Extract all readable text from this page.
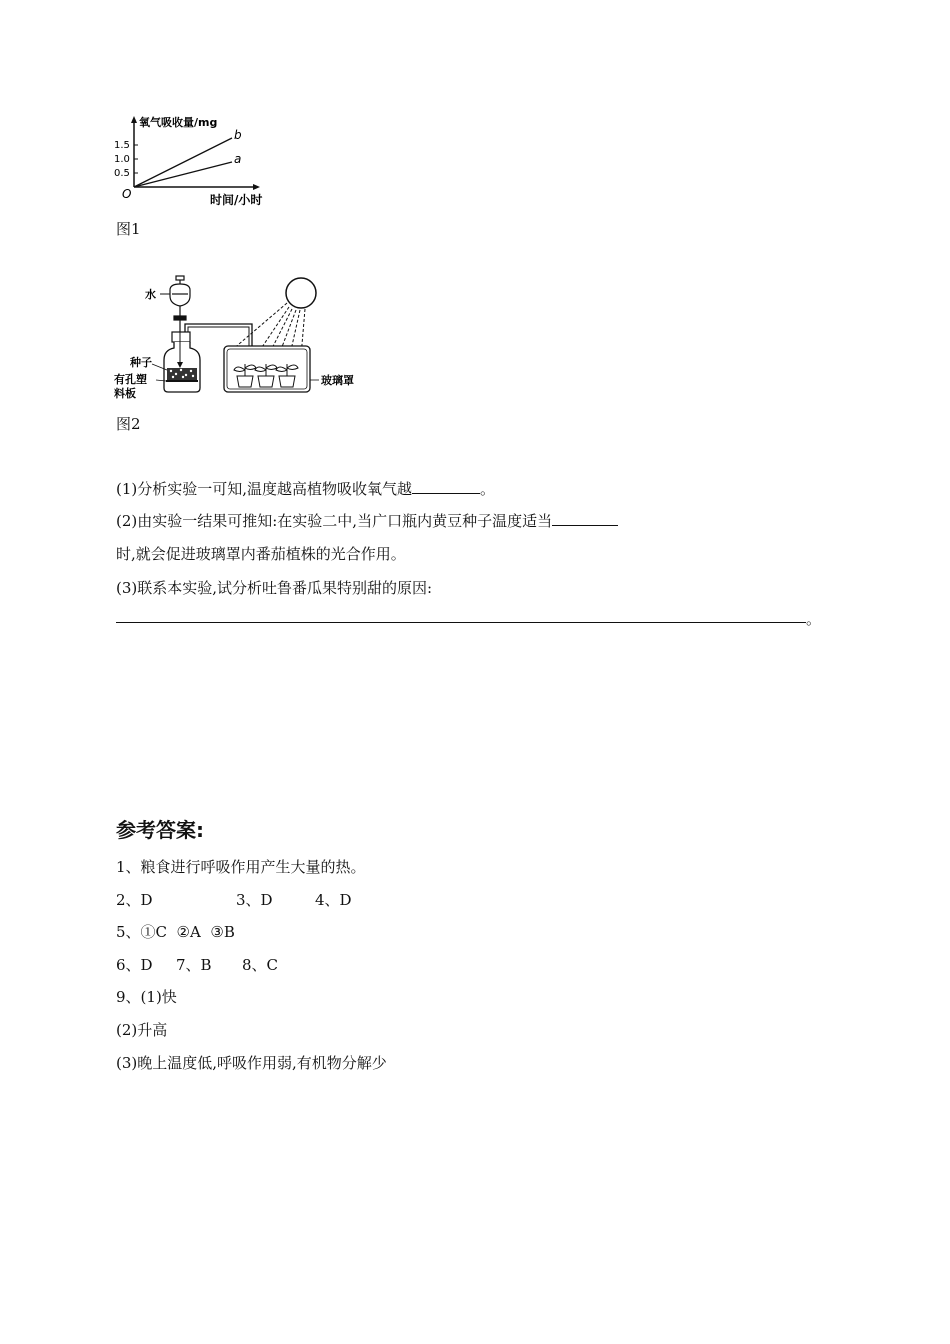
1.5
1.0
0.5
氧气吸收量/mg
O	时间/小时
b
a
图1
水
种子
有孔塑
料板
玻璃罩
图2
(1)分析实验一可知,温度越高植物吸收氧气越	。
(2)由实验一结果可推知:在实验二中,当广口瓶内黄豆种子温度适当
时,就会促进玻璃罩内番茄植株的光合作用。
(3)联系本实验,试分析吐鲁番瓜果特别甜的原因:
。
参考答案:
1、粮食进行呼吸作用产生大量的热。
2、D	3、D	4、D
5、①C  ②A  ③B
6、D 7、B 8、C
9、(1)快
(2)升高
(3)晚上温度低,呼吸作用弱,有机物分解少
